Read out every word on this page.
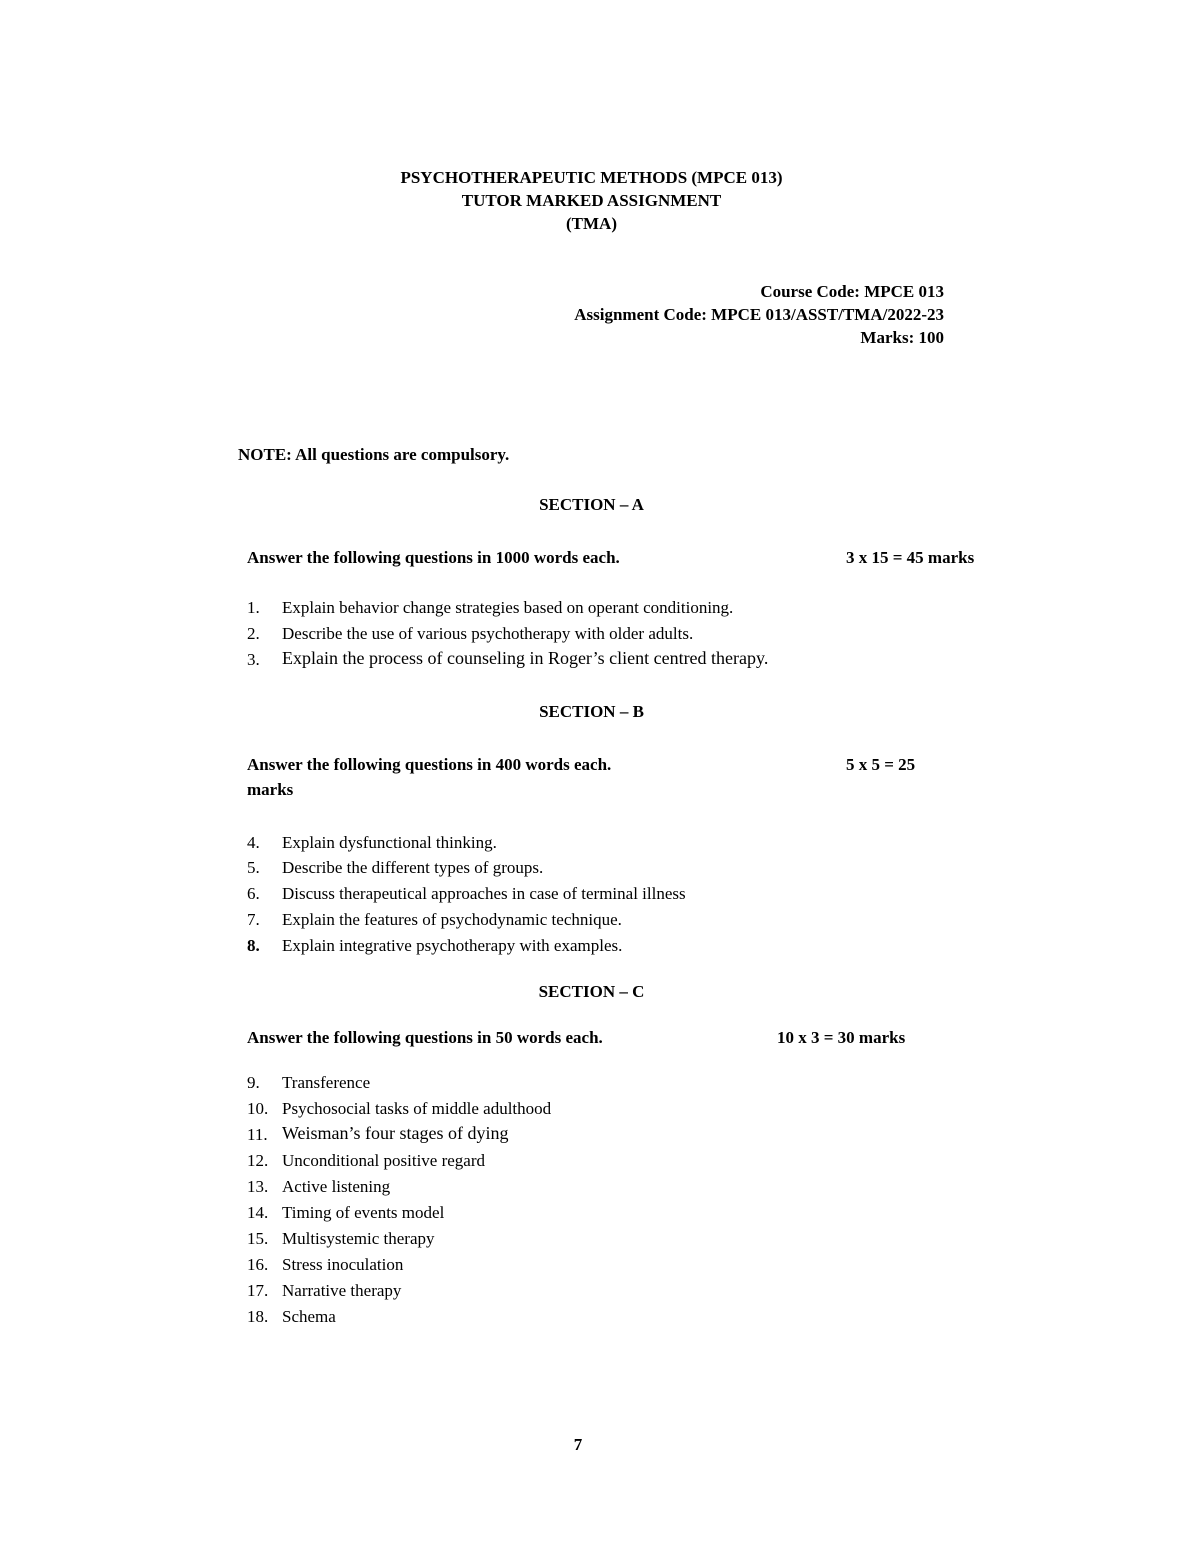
PSYCHOTHERAPEUTIC METHODS (MPCE 013)
TUTOR MARKED ASSIGNMENT
(TMA)
Course Code: MPCE 013
Assignment Code: MPCE 013/ASST/TMA/2022-23
Marks: 100
NOTE: All questions are compulsory.
SECTION – A
Answer the following questions in 1000 words each.	3 x 15 = 45 marks
1.	Explain behavior change strategies based on operant conditioning.
2.	Describe the use of various psychotherapy with older adults.
3.	Explain the process of counseling in Roger’s client centred therapy.
SECTION – B
Answer the following questions in 400 words each.	5 x 5 = 25
marks
4.	Explain dysfunctional thinking.
5.	Describe the different types of groups.
6.	Discuss therapeutical approaches in case of terminal illness
7.	Explain the features of psychodynamic technique.
8.	Explain integrative psychotherapy with examples.
SECTION – C
Answer the following questions in 50 words each.	10 x 3 = 30 marks
9.	Transference
10. Psychosocial tasks of middle adulthood
11. Weisman’s four stages of dying
12. Unconditional positive regard
13. Active listening
14. Timing of events model
15. Multisystemic therapy
16. Stress inoculation
17. Narrative therapy
18. Schema
7
